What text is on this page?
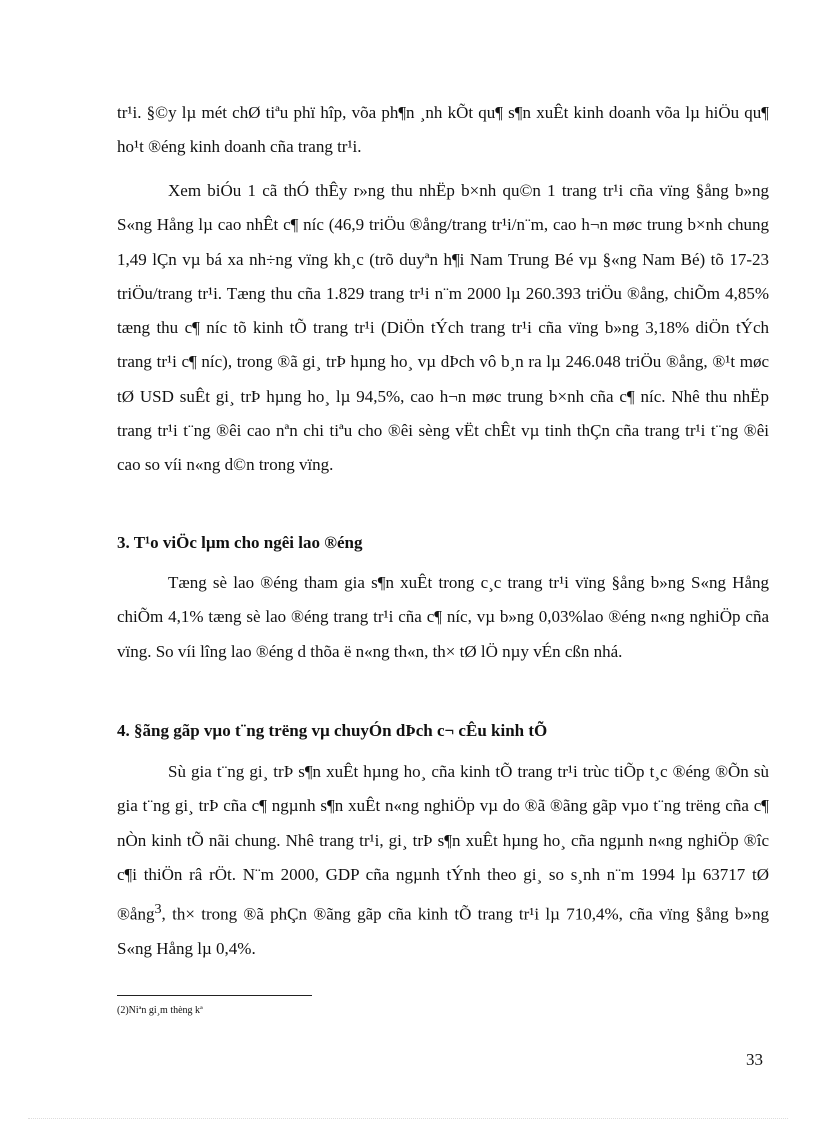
tr¹i. §©y lµ mét chØ tiªu phï hîp, võa ph¶n ¸nh kÕt qu¶ s¶n xuÊt kinh doanh võa lµ hiÖu qu¶ ho¹t ®éng kinh doanh cña trang tr¹i.

Xem biÓu 1 cã thÓ thÊy r»ng thu nhËp b×nh qu©n 1 trang tr¹i cña vïng §ång b»ng S«ng Hång lµ cao nhÊt c¶ níc (46,9 triÖu ®ång/trang tr¹i/n¨m, cao h¬n møc trung b×nh chung 1,49 lÇn vµ bá xa nh÷ng vïng kh¸c (trõ duyªn h¶i Nam Trung Bé vµ §«ng Nam Bé) tõ 17-23 triÖu/trang tr¹i. Tæng thu cña 1.829 trang tr¹i n¨m 2000 lµ 260.393 triÖu ®ång, chiÕm 4,85% tæng thu c¶ níc tõ kinh tÕ trang tr¹i (DiÖn tÝch trang tr¹i cña vïng b»ng 3,18% diÖn tÝch trang tr¹i c¶ níc), trong ®ã gi¸ trÞ hµng ho¸ vµ dÞch vô b¸n ra lµ 246.048 triÖu ®ång, ®¹t møc tØ USD suÊt gi¸ trÞ hµng ho¸ lµ 94,5%, cao h¬n møc trung b×nh cña c¶ níc. Nhê thu nhËp trang tr¹i t¨ng ®êi cao nªn chi tiªu cho ®êi sèng vËt chÊt vµ tinh thÇn cña trang tr¹i t¨ng ®êi cao so víi n«ng d©n trong vïng.

3. T¹o viÖc lµm cho ngêi lao ®éng

Tæng sè lao ®éng tham gia s¶n xuÊt trong c¸c trang tr¹i vïng §ång b»ng S«ng Hång chiÕm 4,1% tæng sè lao ®éng trang tr¹i cña c¶ níc, vµ b»ng 0,03%lao ®éng n«ng nghiÖp cña vïng. So víi lîng lao ®éng d thõa ë n«ng th«n, th× tØ lÖ nµy vÉn cßn nhá.

4. §ãng gãp vµo t¨ng trëng vµ chuyÓn dÞch c¬ cÊu kinh tÕ

Sù gia t¨ng gi¸ trÞ s¶n xuÊt hµng ho¸ cña kinh tÕ trang tr¹i trùc tiÕp t¸c ®éng ®Õn sù gia t¨ng gi¸ trÞ cña c¶ ngµnh s¶n xuÊt n«ng nghiÖp vµ do ®ã ®ãng gãp vµo t¨ng trëng cña c¶ nÒn kinh tÕ nãi chung. Nhê trang tr¹i, gi¸ trÞ s¶n xuÊt hµng ho¸ cña ngµnh n«ng nghiÖp ®îc c¶i thiÖn râ rÖt. N¨m 2000, GDP cña ngµnh tÝnh theo gi¸ so s¸nh n¨m 1994 lµ 63717 tØ ®ång$^3$, th× trong ®ã phÇn ®ãng gãp cña kinh tÕ trang tr¹i lµ 710,4%, cña vïng §ång b»ng S«ng Hång lµ 0,4%.

(2)Niªn gi¸m thèng kª
33
